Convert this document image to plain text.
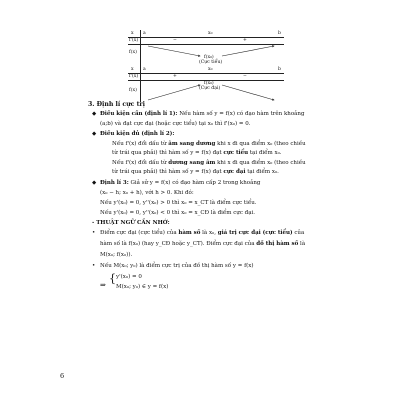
x a	x₀	b
f'(x)	−	+
f(x)
f(x₀)
(Cực tiểu)
x a	x₀	b
f'(x)	+	−
f(x)
f(x₀)
(Cực đại)
3. Định lí cực trị
◆ Điều kiện cần (định lí 1): Nếu hàm số y = f(x) có đạo hàm trên khoảng
(a;b) và đạt cực đại (hoặc cực tiểu) tại x₀ thì f'(x₀) = 0.
◆ Điều kiện đủ (định lí 2):
Nếu f'(x) đổi dấu từ âm sang dương khi x đi qua điểm x₀ (theo chiều
từ trái qua phải) thì hàm số y = f(x) đạt cực tiểu tại điểm x₀.
Nếu f'(x) đổi dấu từ dương sang âm khi x đi qua điểm x₀ (theo chiều
từ trái qua phải) thì hàm số y = f(x) đạt cực đại tại điểm x₀.
◆ Định lí 3: Giả sử y = f(x) có đạo hàm cấp 2 trong khoảng
(x₀ − h; x₀ + h), với h > 0. Khi đó:
Nếu y'(x₀) = 0, y''(x₀) > 0 thì x₀ = x_CT là điểm cực tiểu.
Nếu y'(x₀) = 0, y''(x₀) < 0 thì x₀ = x_CĐ là điểm cực đại.
- THUẬT NGỮ CẦN NHỚ:
• Điểm cực đại (cực tiểu) của hàm số là x₀, giá trị cực đại (cực tiểu) của
hàm số là f(x₀) (hay y_CĐ hoặc y_CT). Điểm cực đại của đồ thị hàm số là
M(x₀; f(x₀)).
• Nếu M(x₀; y₀) là điểm cực trị của đồ thị hàm số y = f(x)
⇒ { y'(x₀) = 0
M(x₀; y₀) ∈ y = f(x)
6
